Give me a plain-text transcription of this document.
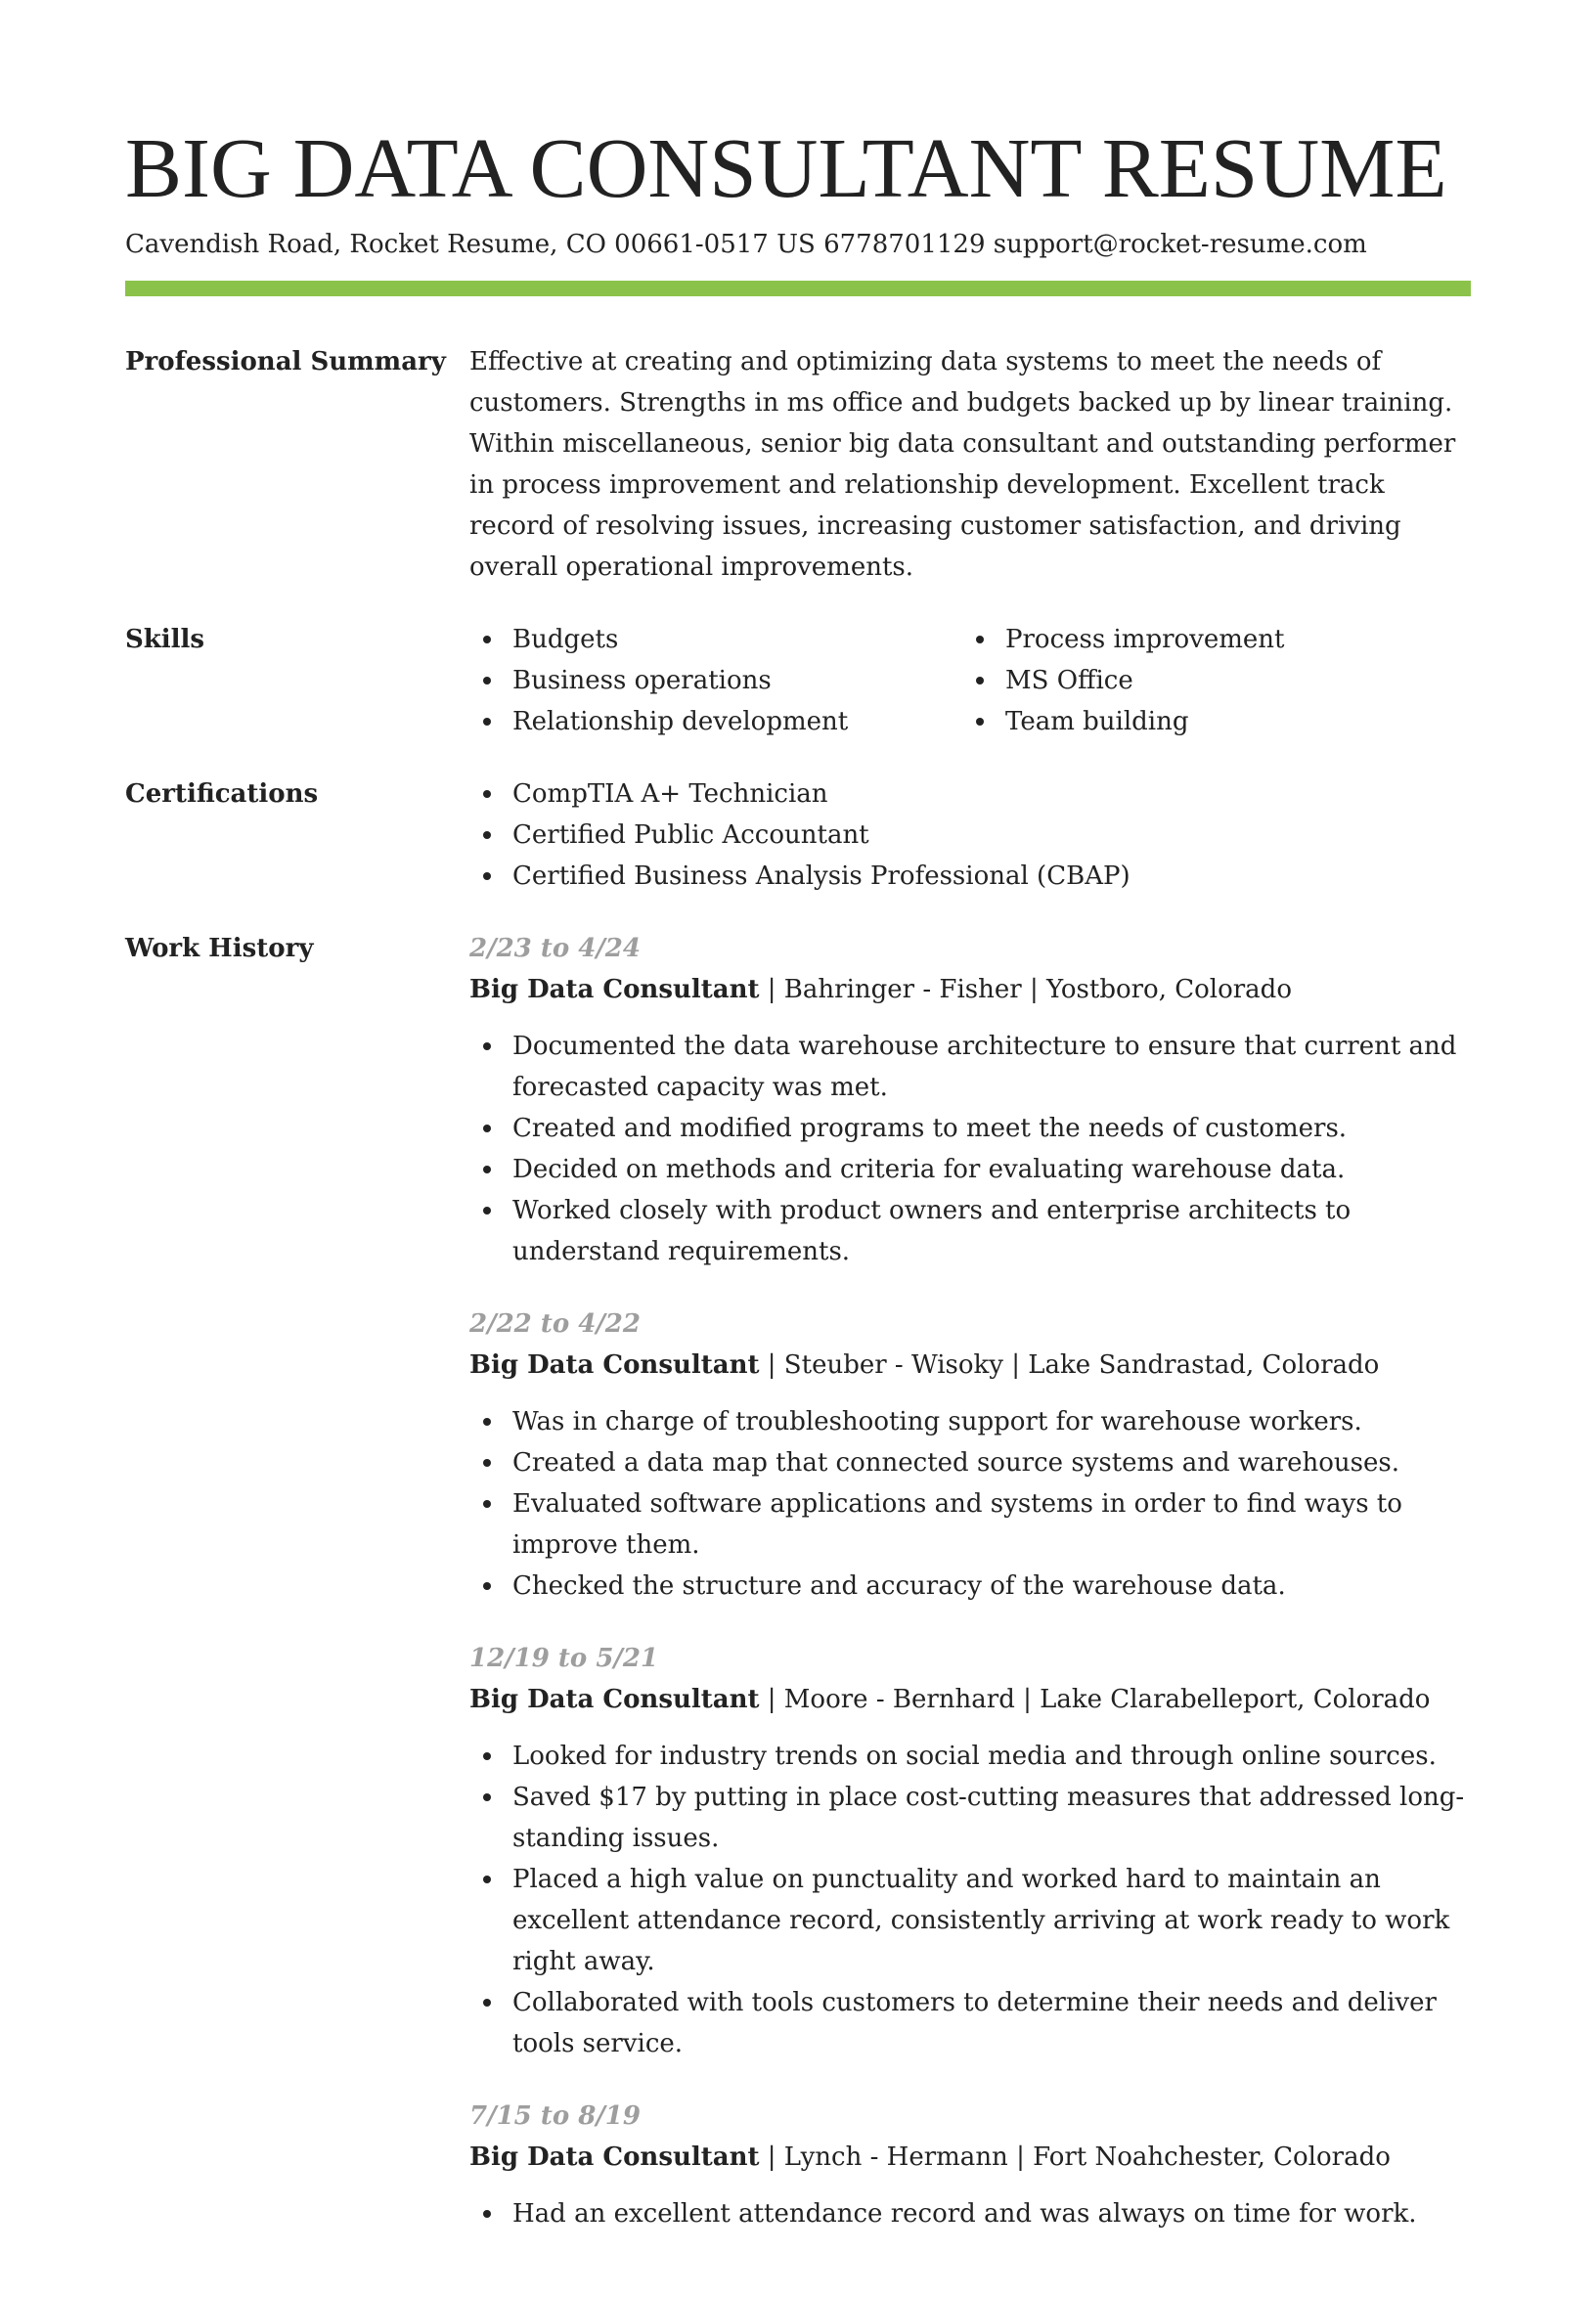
BIG DATA CONSULTANT RESUME
Cavendish Road, Rocket Resume, CO 00661-0517 US 6778701129 support@rocket-resume.com
Professional Summary Effective at creating and optimizing data systems to meet the needs of customers. Strengths in ms office and budgets backed up by linear training. Within miscellaneous, senior big data consultant and outstanding performer in process improvement and relationship development. Excellent track record of resolving issues, increasing customer satisfaction, and driving overall operational improvements.

Skills	Budgets
Business operations
Relationship development
Process improvement
MS Office
Team building
Certifications	CompTIA A+ Technician
Certified Public Accountant
Certified Business Analysis Professional (CBAP)
Work History	2/23 to 4/24
Big Data Consultant | Bahringer - Fisher | Yostboro, Colorado
Documented the data warehouse architecture to ensure that current and forecasted capacity was met.
Created and modified programs to meet the needs of customers.
Decided on methods and criteria for evaluating warehouse data.
Worked closely with product owners and enterprise architects to understand requirements.
2/22 to 4/22
Big Data Consultant | Steuber - Wisoky | Lake Sandrastad, Colorado
Was in charge of troubleshooting support for warehouse workers.
Created a data map that connected source systems and warehouses.
Evaluated software applications and systems in order to find ways to improve them.
Checked the structure and accuracy of the warehouse data.
12/19 to 5/21
Big Data Consultant | Moore - Bernhard | Lake Clarabelleport, Colorado
Looked for industry trends on social media and through online sources.
Saved $17 by putting in place cost-cutting measures that addressed long-standing issues.
Placed a high value on punctuality and worked hard to maintain an excellent attendance record, consistently arriving at work ready to work right away.
Collaborated with tools customers to determine their needs and deliver tools service.
7/15 to 8/19
Big Data Consultant | Lynch - Hermann | Fort Noahchester, Colorado
Had an excellent attendance record and was always on time for work.
